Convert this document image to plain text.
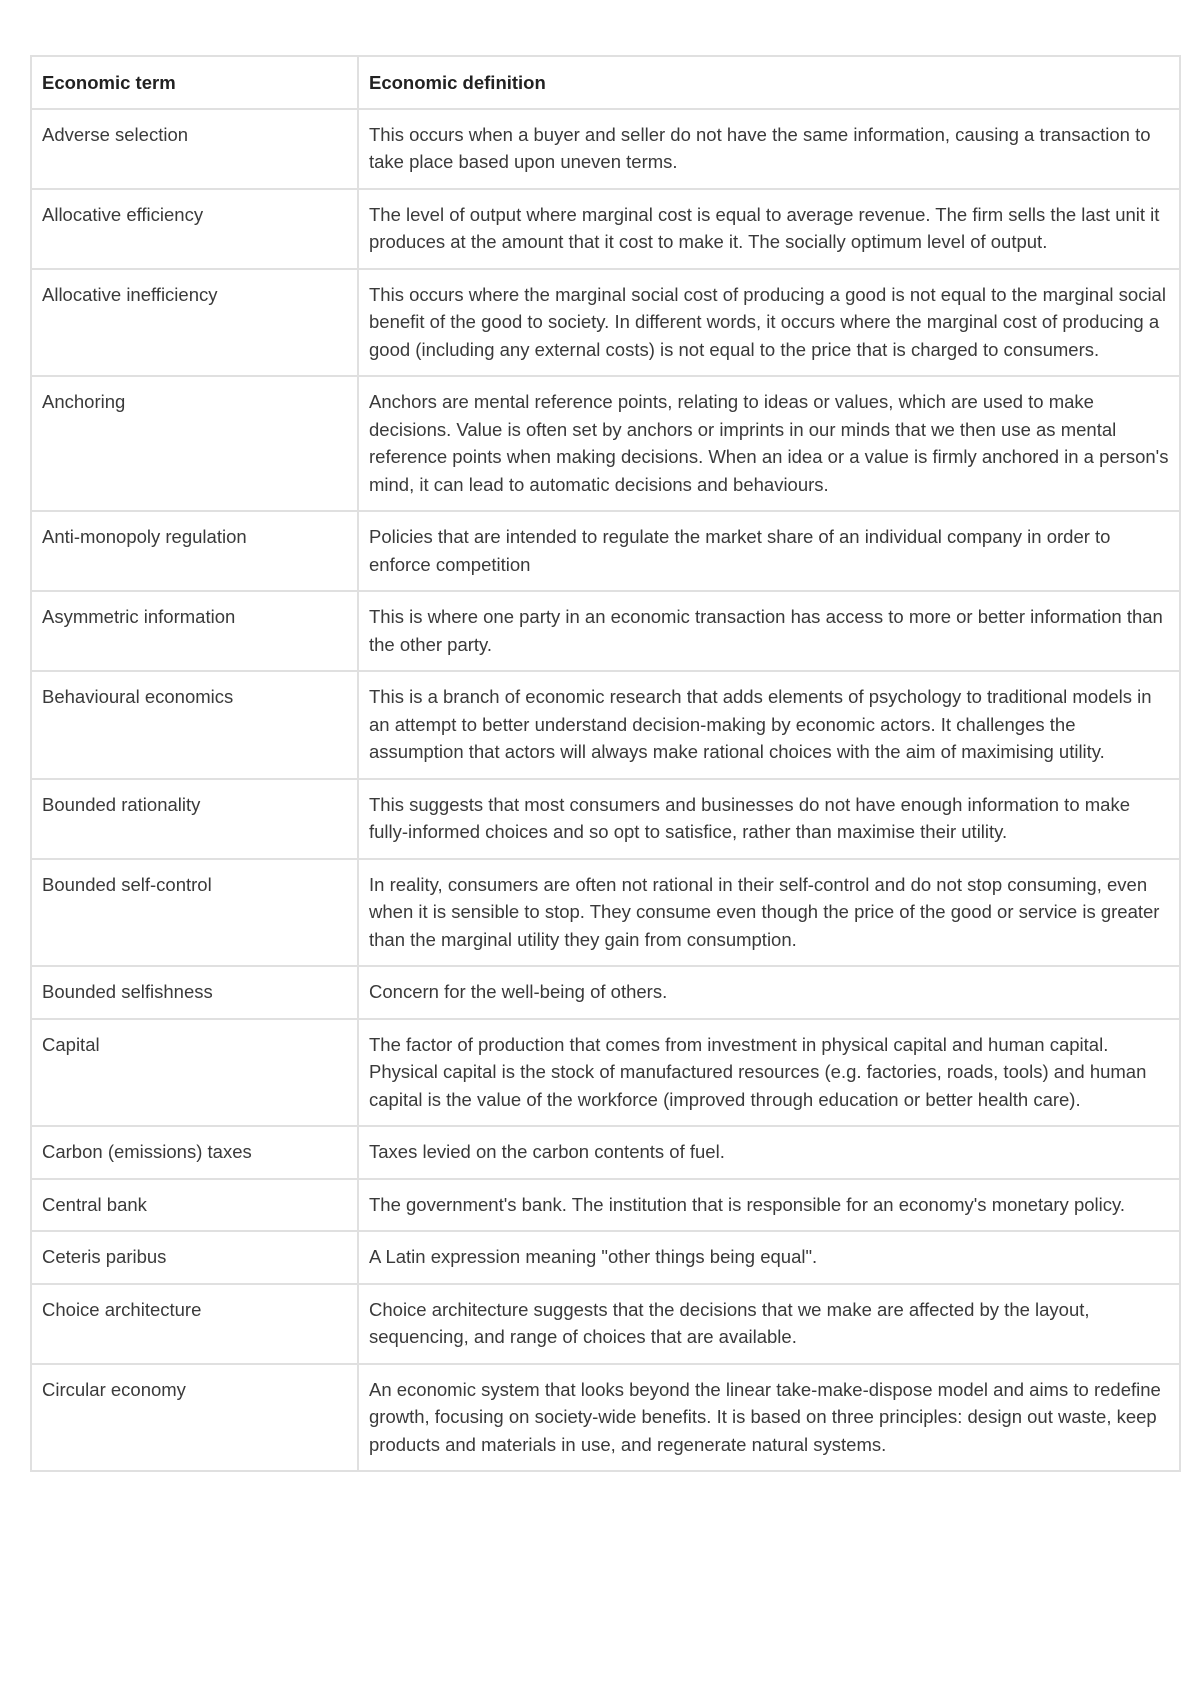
Economic term	Economic definition
Adverse selection	This occurs when a buyer and seller do not have the same information, causing a transaction to take place based upon uneven terms.
Allocative efficiency	The level of output where marginal cost is equal to average revenue. The firm sells the last unit it produces at the amount that it cost to make it. The socially optimum level of output.
Allocative inefficiency	This occurs where the marginal social cost of producing a good is not equal to the marginal social benefit of the good to society. In different words, it occurs where the marginal cost of producing a good (including any external costs) is not equal to the price that is charged to consumers.
Anchoring	Anchors are mental reference points, relating to ideas or values, which are used to make decisions. Value is often set by anchors or imprints in our minds that we then use as mental reference points when making decisions. When an idea or a value is firmly anchored in a person's mind, it can lead to automatic decisions and behaviours.
Anti-monopoly regulation	Policies that are intended to regulate the market share of an individual company in order to enforce competition
Asymmetric information	This is where one party in an economic transaction has access to more or better information than the other party.
Behavioural economics	This is a branch of economic research that adds elements of psychology to traditional models in an attempt to better understand decision-making by economic actors. It challenges the assumption that actors will always make rational choices with the aim of maximising utility.
Bounded rationality	This suggests that most consumers and businesses do not have enough information to make fully-informed choices and so opt to satisfice, rather than maximise their utility.
Bounded self-control	In reality, consumers are often not rational in their self-control and do not stop consuming, even when it is sensible to stop. They consume even though the price of the good or service is greater than the marginal utility they gain from consumption.
Bounded selfishness	Concern for the well-being of others.
Capital	The factor of production that comes from investment in physical capital and human capital. Physical capital is the stock of manufactured resources (e.g. factories, roads, tools) and human capital is the value of the workforce (improved through education or better health care).
Carbon (emissions) taxes	Taxes levied on the carbon contents of fuel.
Central bank	The government's bank. The institution that is responsible for an economy's monetary policy.
Ceteris paribus	A Latin expression meaning "other things being equal".
Choice architecture	Choice architecture suggests that the decisions that we make are affected by the layout, sequencing, and range of choices that are available.
Circular economy	An economic system that looks beyond the linear take-make-dispose model and aims to redefine growth, focusing on society-wide benefits. It is based on three principles: design out waste, keep products and materials in use, and regenerate natural systems.
